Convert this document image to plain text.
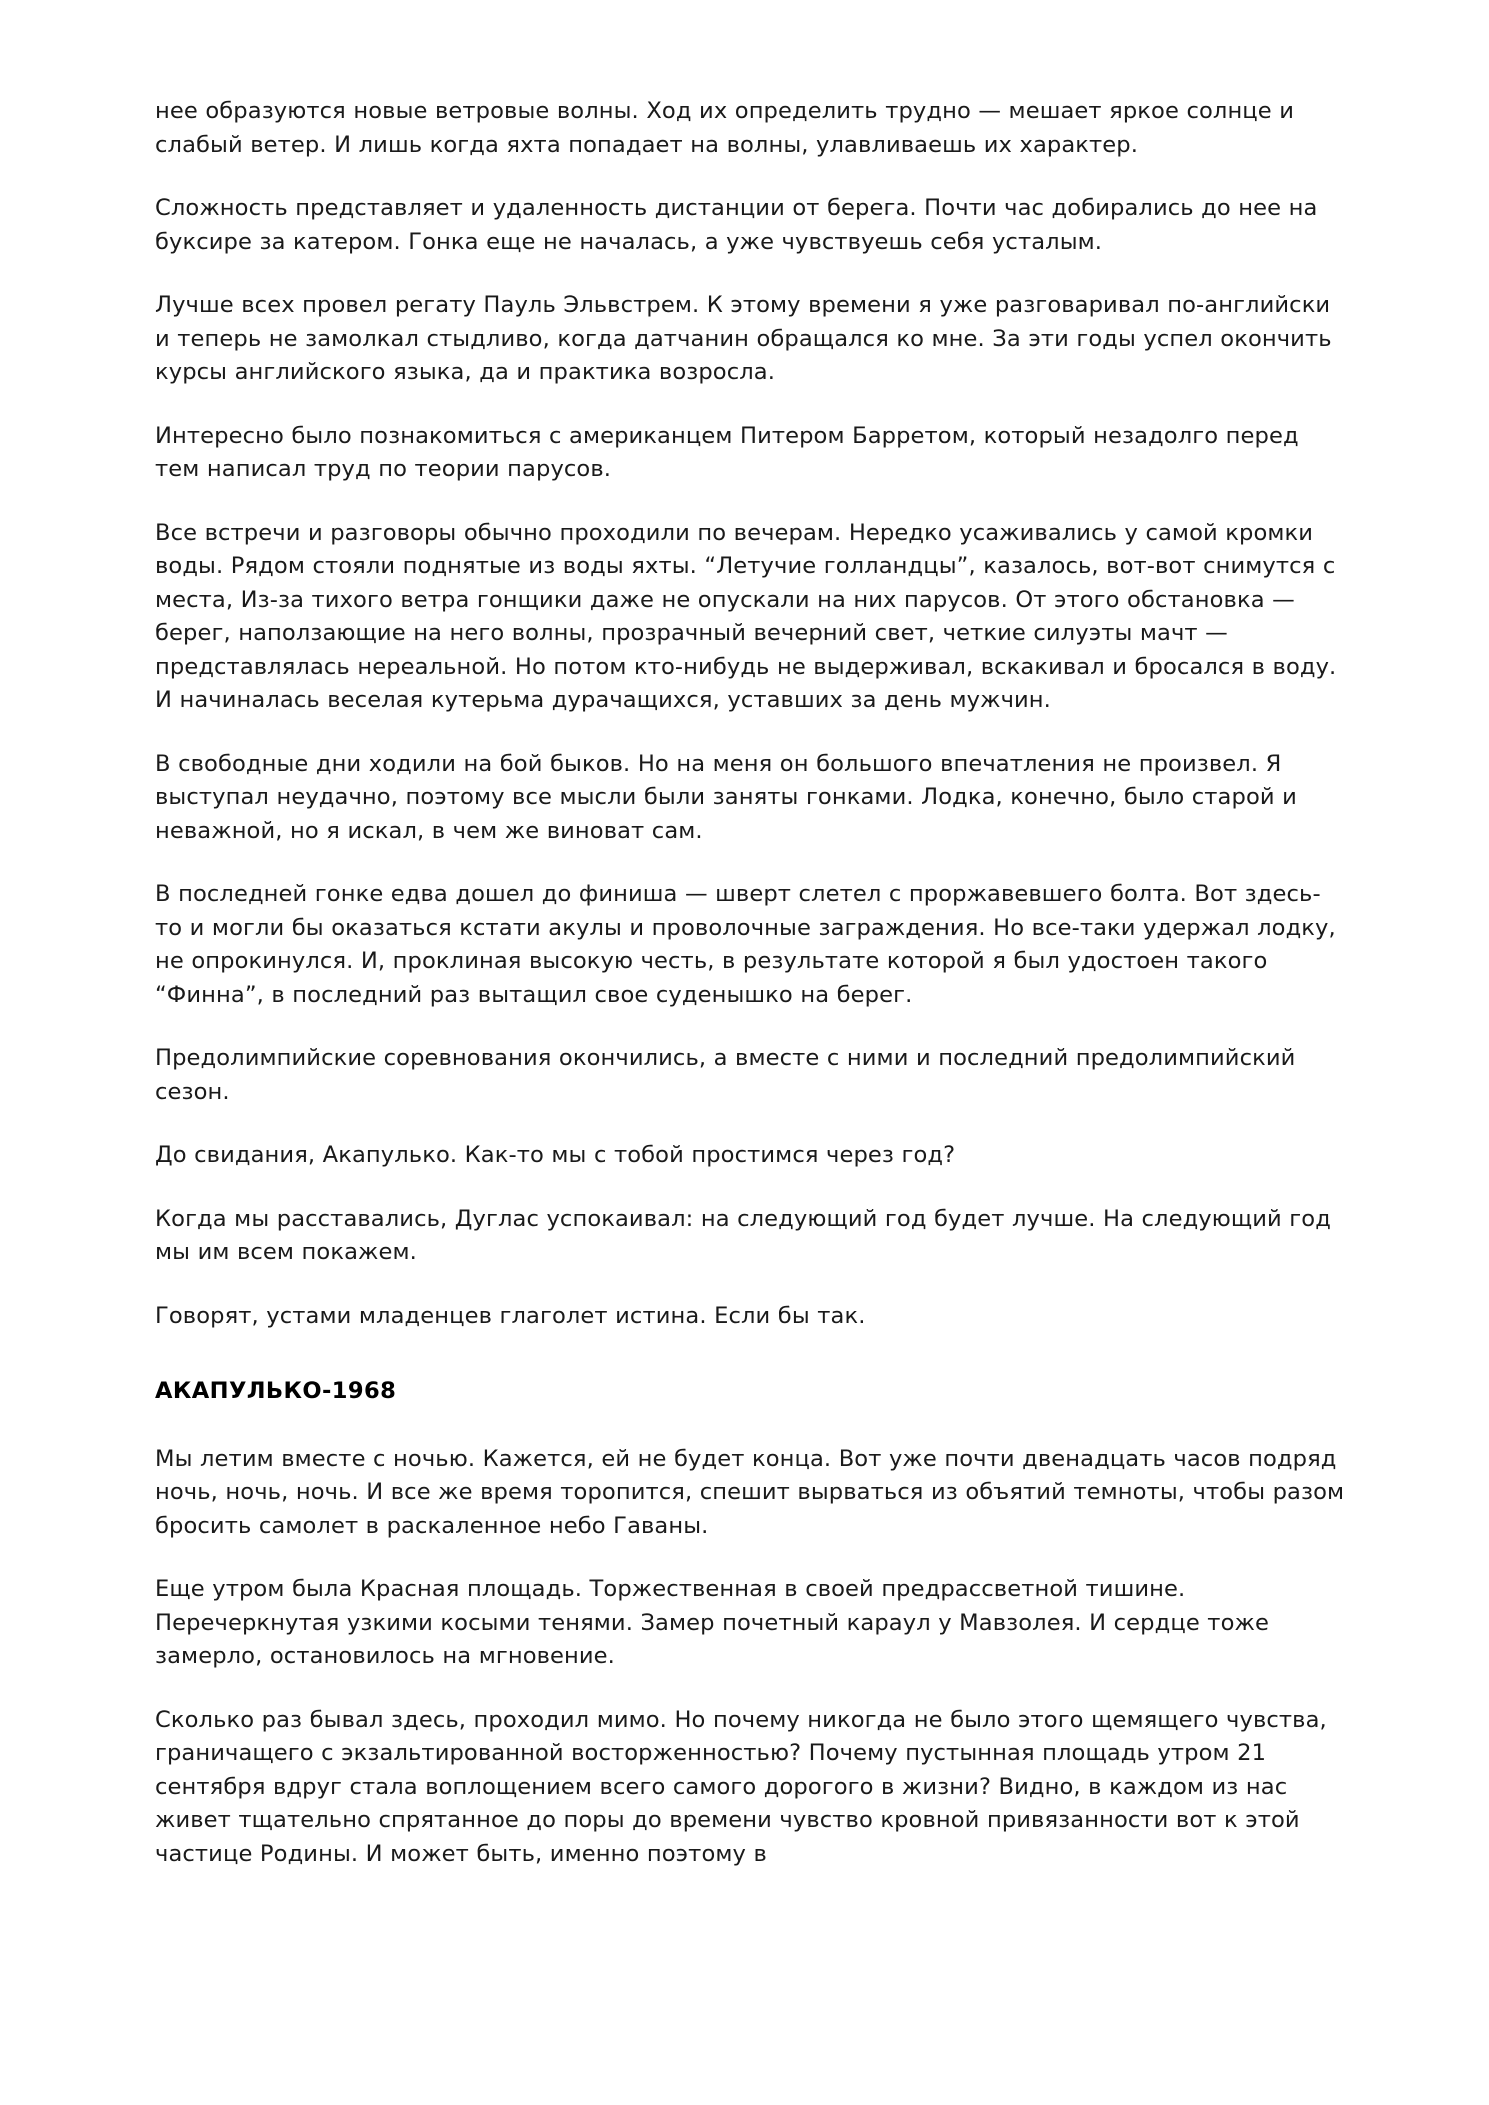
нее образуются новые ветровые волны. Ход их определить трудно — мешает яркое солнце и слабый ветер. И лишь когда яхта попадает на волны, улавливаешь их характер.

Сложность представляет и удаленность дистанции от берега. Почти час добирались до нее на буксире за катером. Гонка еще не началась, а уже чувствуешь себя усталым.

Лучше всех провел регату Пауль Эльвстрем. К этому времени я уже разговаривал по-английски и теперь не замолкал стыдливо, когда датчанин обращался ко мне. За эти годы успел окончить курсы английского языка, да и практика возросла.

Интересно было познакомиться с американцем Питером Барретом, который незадолго перед тем написал труд по теории парусов.

Все встречи и разговоры обычно проходили по вечерам. Нередко усаживались у самой кромки воды. Рядом стояли поднятые из воды яхты. “Летучие голландцы”, казалось, вот-вот снимутся с места, Из-за тихого ветра гонщики даже не опускали на них парусов. От этого обстановка — берег, наползающие на него волны, прозрачный вечерний свет, четкие силуэты мачт — представлялась нереальной. Но потом кто-нибудь не выдерживал, вскакивал и бросался в воду. И начиналась веселая кутерьма дурачащихся, уставших за день мужчин.

В свободные дни ходили на бой быков. Но на меня он большого впечатления не произвел. Я выступал неудачно, поэтому все мысли были заняты гонками. Лодка, конечно, было старой и неважной, но я искал, в чем же виноват сам.

В последней гонке едва дошел до финиша — шверт слетел с проржавевшего болта. Вот здесь-то и могли бы оказаться кстати акулы и проволочные заграждения. Но все-таки удержал лодку, не опрокинулся. И, проклиная высокую честь, в результате которой я был удостоен такого “Финна”, в последний раз вытащил свое суденышко на берег.

Предолимпийские соревнования окончились, а вместе с ними и последний предолимпийский сезон.

До свидания, Акапулько. Как-то мы с тобой простимся через год?

Когда мы расставались, Дуглас успокаивал: на следующий год будет лучше. На следующий год мы им всем покажем.

Говорят, устами младенцев глаголет истина. Если бы так.

АКАПУЛЬКО-1968

Мы летим вместе с ночью. Кажется, ей не будет конца. Вот уже почти двенадцать часов подряд ночь, ночь, ночь. И все же время торопится, спешит вырваться из объятий темноты, чтобы разом бросить самолет в раскаленное небо Гаваны.

Еще утром была Красная площадь. Торжественная в своей предрассветной тишине. Перечеркнутая узкими косыми тенями. Замер почетный караул у Мавзолея. И сердце тоже замерло, остановилось на мгновение.

Сколько раз бывал здесь, проходил мимо. Но почему никогда не было этого щемящего чувства, граничащего с экзальтированной восторженностью? Почему пустынная площадь утром 21 сентября вдруг стала воплощением всего самого дорогого в жизни? Видно, в каждом из нас живет тщательно спрятанное до поры до времени чувство кровной привязанности вот к этой частице Родины. И может быть, именно поэтому в
